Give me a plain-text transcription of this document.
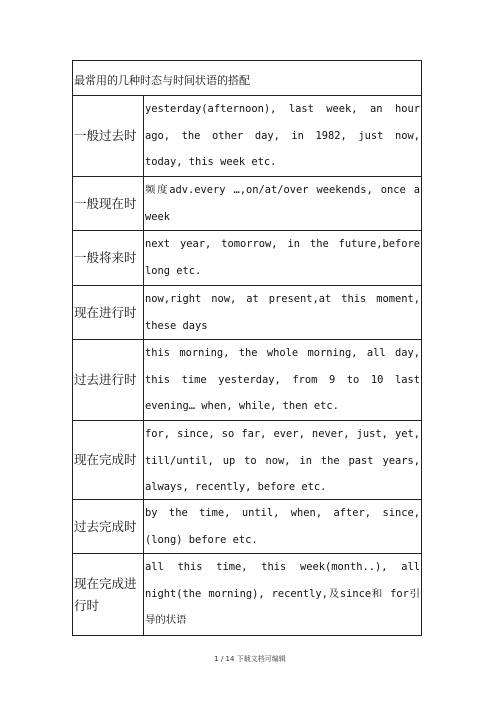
最常用的几种时态与时间状语的搭配
一般过去时
yesterday(afternoon), last week, an hour ago, the other day, in 1982, just now, today, this week etc.
一般现在时
频度adv.every …,on/at/over weekends, once a week
一般将来时
next year, tomorrow, in the future,before long etc.
现在进行时
now,right now, at present,at this moment, these days
过去进行时
this morning, the whole morning, all day, this time yesterday, from 9 to 10 last evening… when, while, then etc.
现在完成时
for, since, so far, ever, never, just, yet, till/until, up to now, in the past years, always, recently, before etc.
过去完成时
by the time, until, when, after, since, (long) before etc.
现在完成进行时
all this time, this week(month..), all night(the morning), recently,及since和 for引导的状语
1 / 14 下载文档可编辑
